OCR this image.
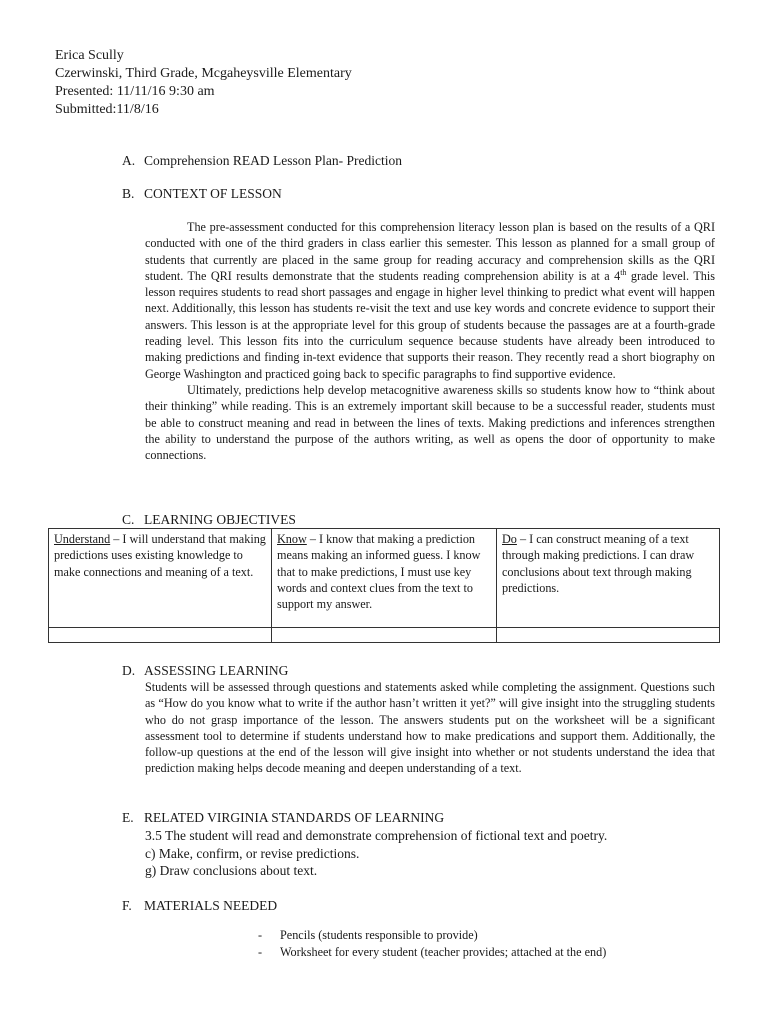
Erica Scully
Czerwinski, Third Grade, Mcgaheysville Elementary
Presented: 11/11/16 9:30 am
Submitted:11/8/16
A. Comprehension READ Lesson Plan- Prediction
B. CONTEXT OF LESSON

The pre-assessment conducted for this comprehension literacy lesson plan is based on the results of a QRI conducted with one of the third graders in class earlier this semester. This lesson as planned for a small group of students that currently are placed in the same group for reading accuracy and comprehension skills as the QRI student. The QRI results demonstrate that the students reading comprehension ability is at a 4th grade level. This lesson requires students to read short passages and engage in higher level thinking to predict what event will happen next. Additionally, this lesson has students re-visit the text and use key words and concrete evidence to support their answers. This lesson is at the appropriate level for this group of students because the passages are at a fourth-grade reading level. This lesson fits into the curriculum sequence because students have already been introduced to making predictions and finding in-text evidence that supports their reason. They recently read a short biography on George Washington and practiced going back to specific paragraphs to find supportive evidence.

Ultimately, predictions help develop metacognitive awareness skills so students know how to “think about their thinking” while reading. This is an extremely important skill because to be a successful reader, students must be able to construct meaning and read in between the lines of texts. Making predictions and inferences strengthen the ability to understand the purpose of the authors writing, as well as opens the door of opportunity to make connections.

C. LEARNING OBJECTIVES
Understand – I will understand that making predictions uses existing knowledge to make connections and meaning of a text.	Know – I know that making a prediction means making an informed guess. I know that to make predictions, I must use key words and context clues from the text to support my answer.	Do – I can construct meaning of a text through making predictions. I can draw conclusions about text through making predictions.

D. ASSESSING LEARNING

Students will be assessed through questions and statements asked while completing the assignment. Questions such as “How do you know what to write if the author hasn’t written it yet?” will give insight into the struggling students who do not grasp importance of the lesson. The answers students put on the worksheet will be a significant assessment tool to determine if students understand how to make predications and support them. Additionally, the follow-up questions at the end of the lesson will give insight into whether or not students understand the idea that prediction making helps decode meaning and deepen understanding of a text.

E. RELATED VIRGINIA STANDARDS OF LEARNING
3.5 The student will read and demonstrate comprehension of fictional text and poetry.
c) Make, confirm, or revise predictions.
g) Draw conclusions about text.
F. MATERIALS NEEDED
- Pencils (students responsible to provide)
- Worksheet for every student (teacher provides; attached at the end)
